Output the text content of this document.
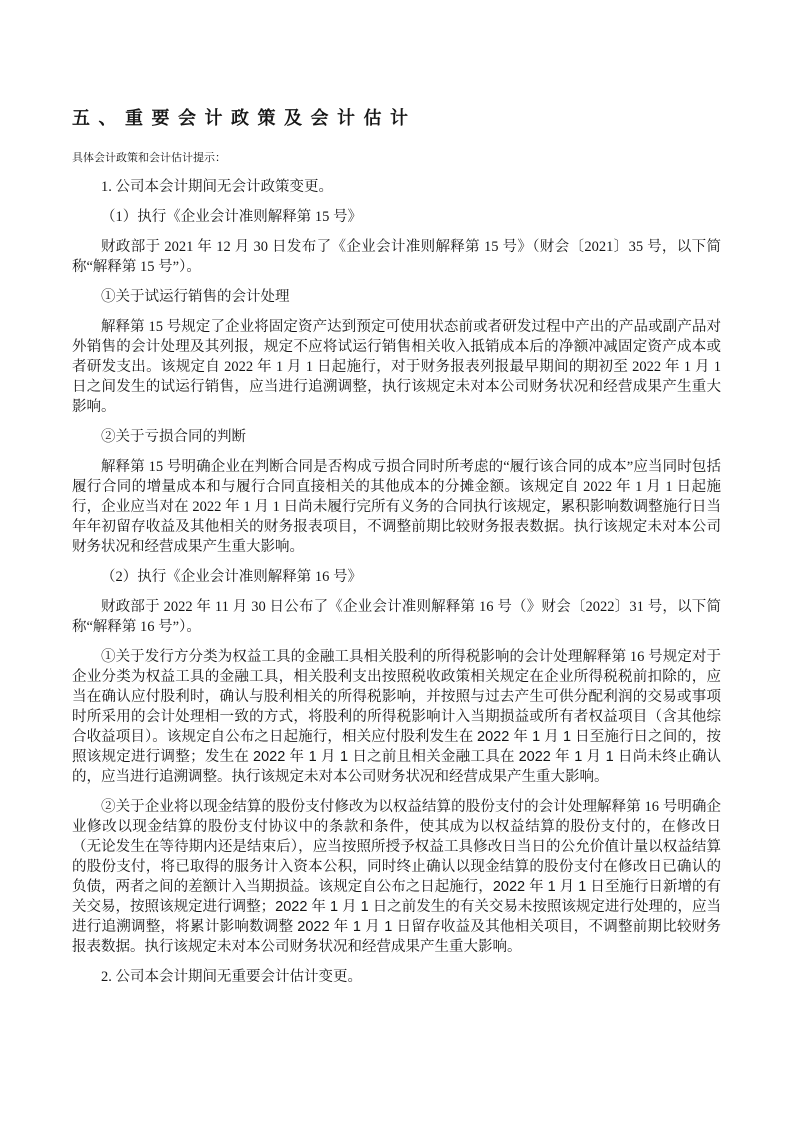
五、重要会计政策及会计估计

具体会计政策和会计估计提示：

1. 公司本会计期间无会计政策变更。

（1）执行《企业会计准则解释第 15 号》

财政部于 2021 年 12 月 30 日发布了《企业会计准则解释第 15 号》（财会〔2021〕35 号，以下简称“解释第 15 号”）。

①关于试运行销售的会计处理

解释第 15 号规定了企业将固定资产达到预定可使用状态前或者研发过程中产出的产品或副产品对外销售的会计处理及其列报，规定不应将试运行销售相关收入抵销成本后的净额冲减固定资产成本或者研发支出。该规定自 2022 年 1 月 1 日起施行，对于财务报表列报最早期间的期初至 2022 年 1 月 1 日之间发生的试运行销售，应当进行追溯调整，执行该规定未对本公司财务状况和经营成果产生重大影响。

②关于亏损合同的判断

解释第 15 号明确企业在判断合同是否构成亏损合同时所考虑的“履行该合同的成本”应当同时包括履行合同的增量成本和与履行合同直接相关的其他成本的分摊金额。该规定自 2022 年 1 月 1 日起施行，企业应当对在 2022 年 1 月 1 日尚未履行完所有义务的合同执行该规定，累积影响数调整施行日当年年初留存收益及其他相关的财务报表项目，不调整前期比较财务报表数据。执行该规定未对本公司财务状况和经营成果产生重大影响。

（2）执行《企业会计准则解释第 16 号》

财政部于 2022 年 11 月 30 日公布了《企业会计准则解释第 16 号（》财会〔2022〕31 号，以下简称“解释第 16 号”）。

①关于发行方分类为权益工具的金融工具相关股利的所得税影响的会计处理解释第 16 号规定对于企业分类为权益工具的金融工具，相关股利支出按照税收政策相关规定在企业所得税税前扣除的，应当在确认应付股利时，确认与股利相关的所得税影响，并按照与过去产生可供分配利润的交易或事项时所采用的会计处理相一致的方式，将股利的所得税影响计入当期损益或所有者权益项目（含其他综合收益项目）。该规定自公布之日起施行，相关应付股利发生在 2022 年 1 月 1 日至施行日之间的，按照该规定进行调整；发生在 2022 年 1 月 1 日之前且相关金融工具在 2022 年 1 月 1 日尚未终止确认的，应当进行追溯调整。执行该规定未对本公司财务状况和经营成果产生重大影响。

②关于企业将以现金结算的股份支付修改为以权益结算的股份支付的会计处理解释第 16 号明确企业修改以现金结算的股份支付协议中的条款和条件，使其成为以权益结算的股份支付的，在修改日（无论发生在等待期内还是结束后），应当按照所授予权益工具修改日当日的公允价值计量以权益结算的股份支付，将已取得的服务计入资本公积，同时终止确认以现金结算的股份支付在修改日已确认的负债，两者之间的差额计入当期损益。该规定自公布之日起施行，2022 年 1 月 1 日至施行日新增的有关交易，按照该规定进行调整；2022 年 1 月 1 日之前发生的有关交易未按照该规定进行处理的，应当进行追溯调整，将累计影响数调整 2022 年 1 月 1 日留存收益及其他相关项目，不调整前期比较财务报表数据。执行该规定未对本公司财务状况和经营成果产生重大影响。

2. 公司本会计期间无重要会计估计变更。
